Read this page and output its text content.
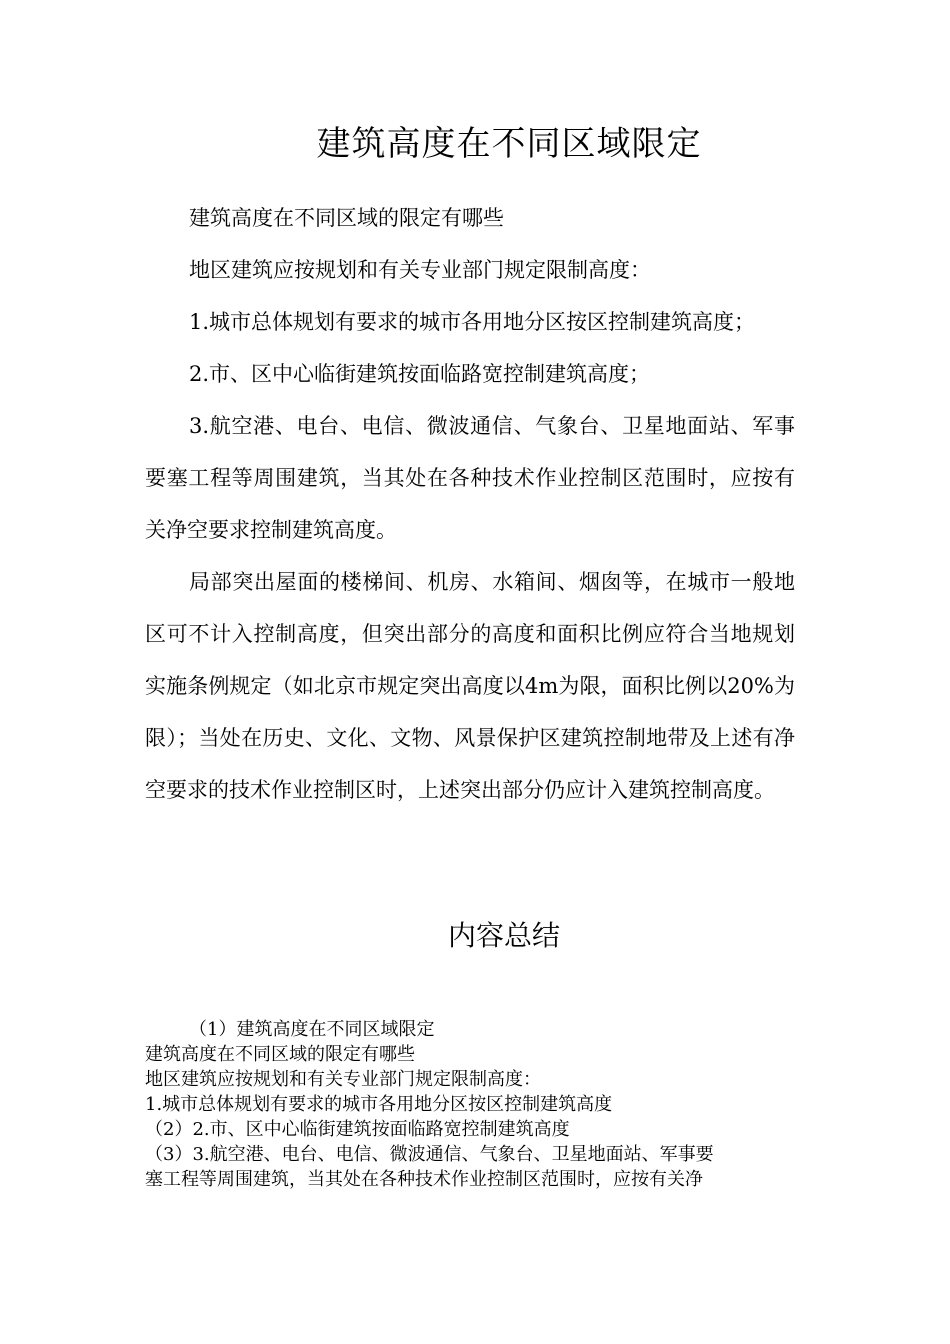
建筑高度在不同区域限定

建筑高度在不同区域的限定有哪些

地区建筑应按规划和有关专业部门规定限制高度：

1.城市总体规划有要求的城市各用地分区按区控制建筑高度；

2.市、区中心临街建筑按面临路宽控制建筑高度；

3.航空港、电台、电信、微波通信、气象台、卫星地面站、军事要塞工程等周围建筑，当其处在各种技术作业控制区范围时，应按有关净空要求控制建筑高度。

局部突出屋面的楼梯间、机房、水箱间、烟囱等，在城市一般地区可不计入控制高度，但突出部分的高度和面积比例应符合当地规划实施条例规定（如北京市规定突出高度以4m为限，面积比例以20%为限）；当处在历史、文化、文物、风景保护区建筑控制地带及上述有净空要求的技术作业控制区时，上述突出部分仍应计入建筑控制高度。

内容总结
（1）建筑高度在不同区域限定
建筑高度在不同区域的限定有哪些
地区建筑应按规划和有关专业部门规定限制高度：
1.城市总体规划有要求的城市各用地分区按区控制建筑高度
（2）2.市、区中心临街建筑按面临路宽控制建筑高度
（3）3.航空港、电台、电信、微波通信、气象台、卫星地面站、军事要
塞工程等周围建筑，当其处在各种技术作业控制区范围时，应按有关净
